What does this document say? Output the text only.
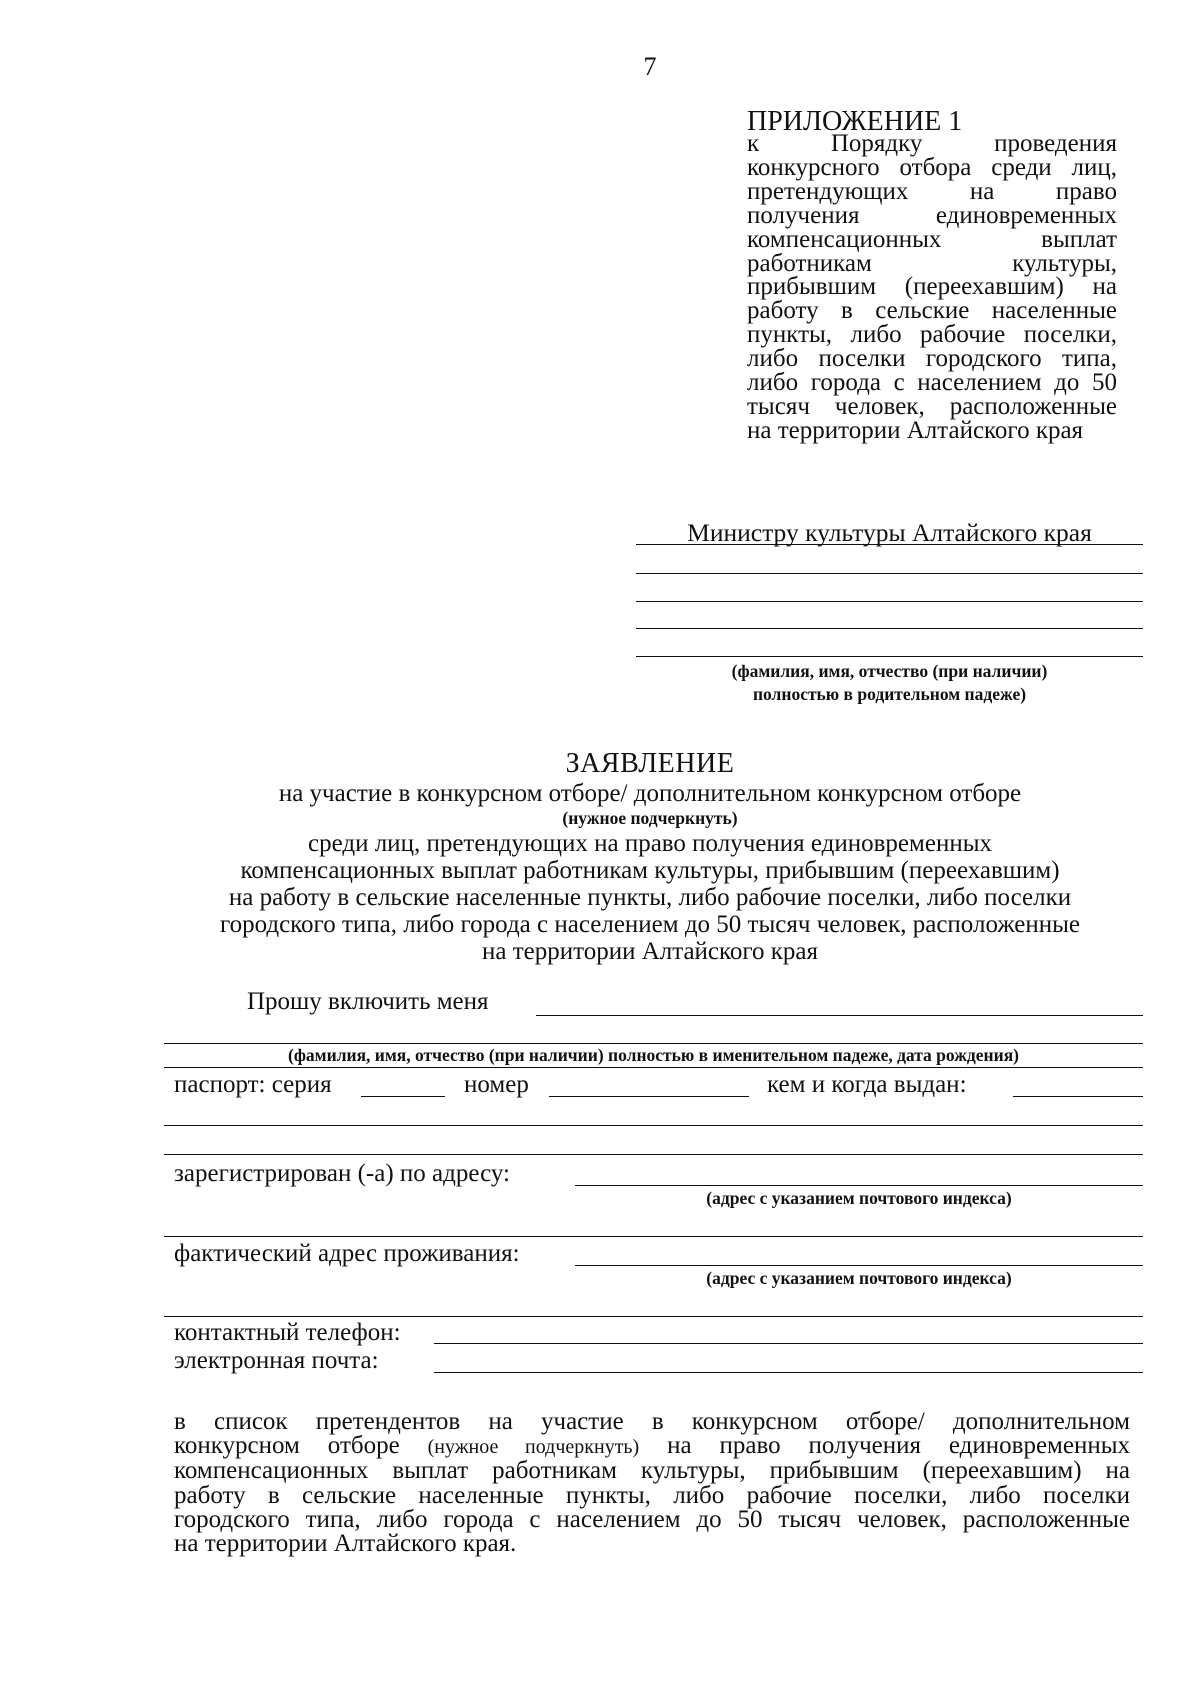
7
ПРИЛОЖЕНИЕ 1
к Порядку проведения
конкурсного отбора среди лиц,
претендующих на право
получения единовременных
компенсационных выплат
работникам культуры,
прибывшим (переехавшим) на
работу в сельские населенные
пункты, либо рабочие поселки,
либо поселки городского типа,
либо города с населением до 50
тысяч человек, расположенные
на территории Алтайского края
Министру культуры Алтайского края
(фамилия, имя, отчество (при наличии)
полностью в родительном падеже)
ЗАЯВЛЕНИЕ
на участие в конкурсном отборе/ дополнительном конкурсном отборе
(нужное подчеркнуть)
среди лиц, претендующих на право получения единовременных
компенсационных выплат работникам культуры, прибывшим (переехавшим)
на работу в сельские населенные пункты, либо рабочие поселки, либо поселки
городского типа, либо города с населением до 50 тысяч человек, расположенные
на территории Алтайского края
Прошу включить меня
(фамилия, имя, отчество (при наличии) полностью в именительном падеже, дата рождения)
паспорт: серия	номер	кем и когда выдан:
зарегистрирован (-а) по адресу:
(адрес с указанием почтового индекса)
фактический адрес проживания:
(адрес с указанием почтового индекса)
контактный телефон:
электронная почта:
в список претендентов на участие в конкурсном отборе/ дополнительном
конкурсном отборе (нужное подчеркнуть) на право получения единовременных
компенсационных выплат работникам культуры, прибывшим (переехавшим) на
работу в сельские населенные пункты, либо рабочие поселки, либо поселки
городского типа, либо города с населением до 50 тысяч человек, расположенные
на территории Алтайского края.
